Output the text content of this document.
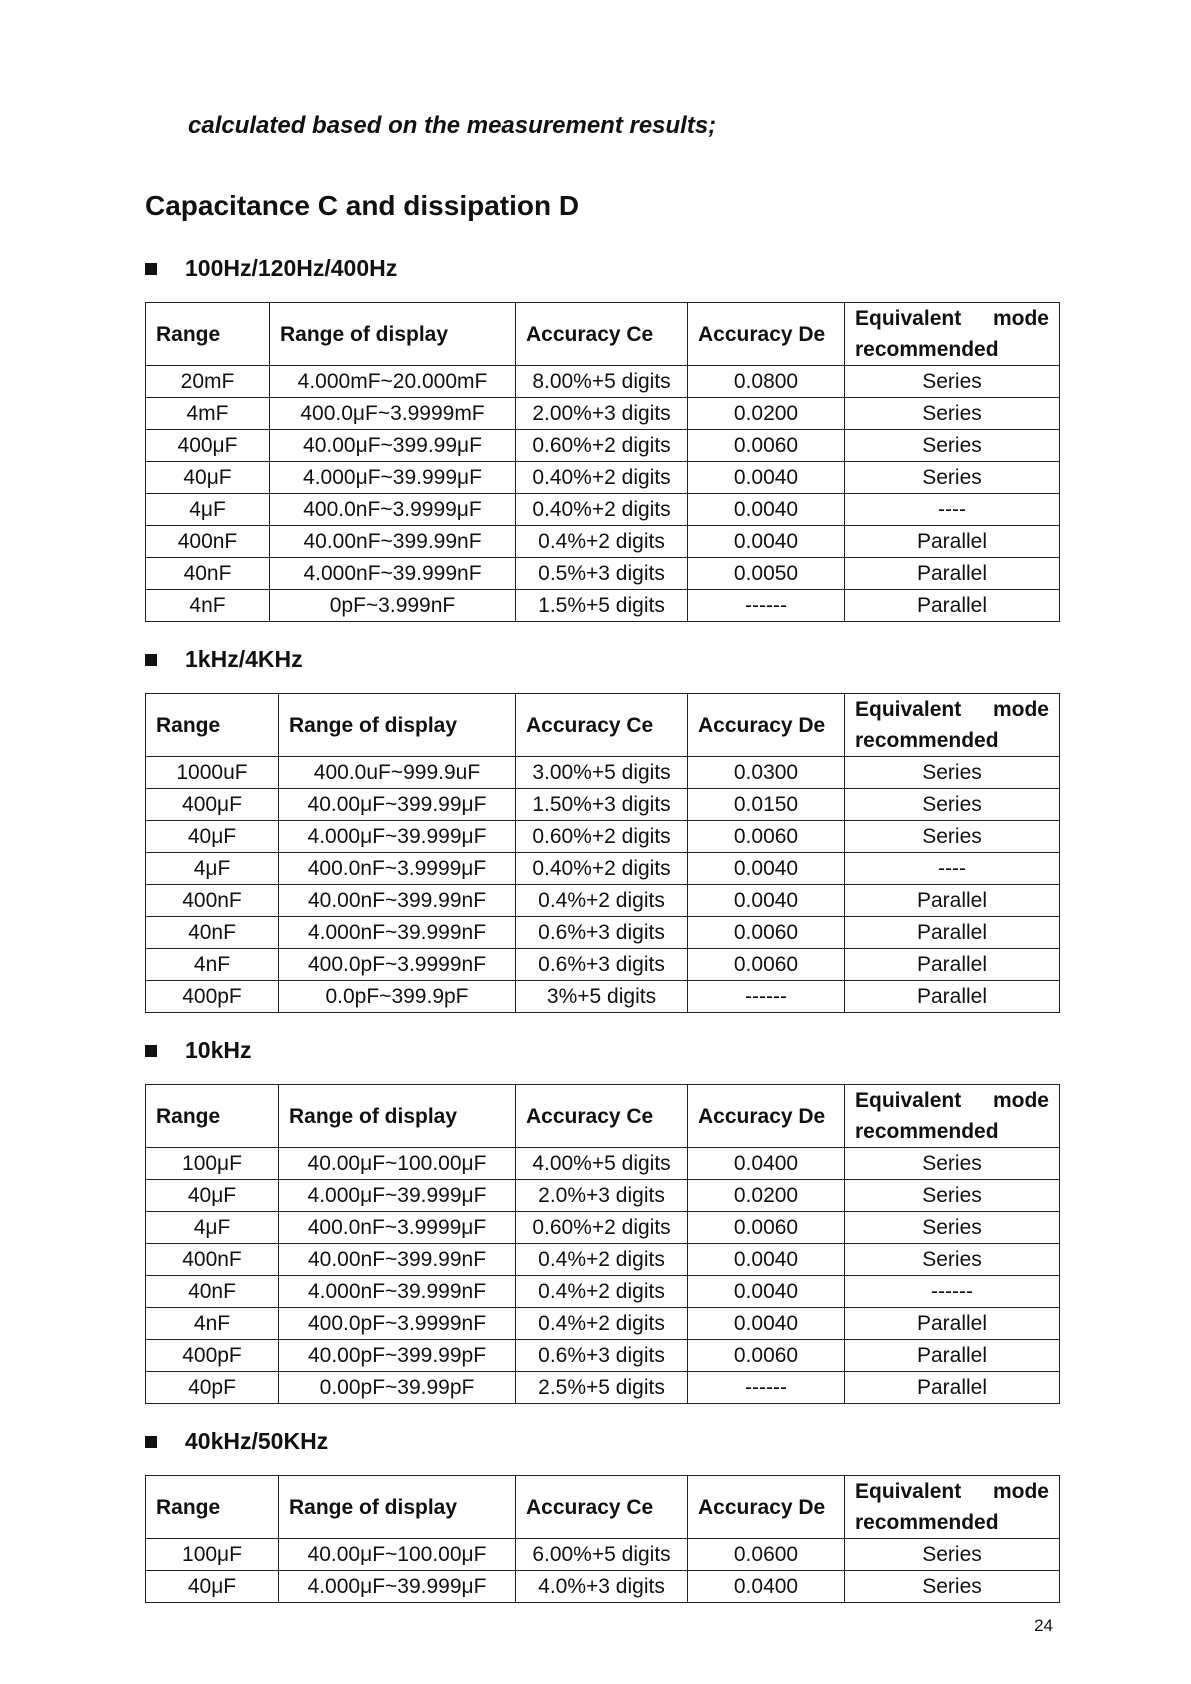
calculated based on the measurement results;
Capacitance C and dissipation D
100Hz/120Hz/400Hz
Range	Range of display	Accuracy Ce	Accuracy De	Equivalent mode
recommended

20mF	4.000mF~20.000mF	8.00%+5 digits	0.0800	Series
4mF	400.0μF~3.9999mF	2.00%+3 digits	0.0200	Series
400μF	40.00μF~399.99μF	0.60%+2 digits	0.0060	Series
40μF	4.000μF~39.999μF	0.40%+2 digits	0.0040	Series
4μF	400.0nF~3.9999μF	0.40%+2 digits	0.0040	----
400nF	40.00nF~399.99nF	0.4%+2 digits	0.0040	Parallel
40nF	4.000nF~39.999nF	0.5%+3 digits	0.0050	Parallel
4nF	0pF~3.999nF	1.5%+5 digits	------	Parallel
1kHz/4KHz
Range	Range of display	Accuracy Ce	Accuracy De	Equivalent mode
recommended

1000uF	400.0uF~999.9uF	3.00%+5 digits	0.0300	Series
400μF	40.00μF~399.99μF	1.50%+3 digits	0.0150	Series
40μF	4.000μF~39.999μF	0.60%+2 digits	0.0060	Series
4μF	400.0nF~3.9999μF	0.40%+2 digits	0.0040	----
400nF	40.00nF~399.99nF	0.4%+2 digits	0.0040	Parallel
40nF	4.000nF~39.999nF	0.6%+3 digits	0.0060	Parallel
4nF	400.0pF~3.9999nF	0.6%+3 digits	0.0060	Parallel
400pF	0.0pF~399.9pF	3%+5 digits	------	Parallel
10kHz
Range	Range of display	Accuracy Ce	Accuracy De	Equivalent mode
recommended

100μF	40.00μF~100.00μF	4.00%+5 digits	0.0400	Series
40μF	4.000μF~39.999μF	2.0%+3 digits	0.0200	Series
4μF	400.0nF~3.9999μF	0.60%+2 digits	0.0060	Series
400nF	40.00nF~399.99nF	0.4%+2 digits	0.0040	Series
40nF	4.000nF~39.999nF	0.4%+2 digits	0.0040	------
4nF	400.0pF~3.9999nF	0.4%+2 digits	0.0040	Parallel
400pF	40.00pF~399.99pF	0.6%+3 digits	0.0060	Parallel
40pF	0.00pF~39.99pF	2.5%+5 digits	------	Parallel
40kHz/50KHz
Range	Range of display	Accuracy Ce	Accuracy De	Equivalent mode
recommended

100μF	40.00μF~100.00μF	6.00%+5 digits	0.0600	Series
40μF	4.000μF~39.999μF	4.0%+3 digits	0.0400	Series
24
